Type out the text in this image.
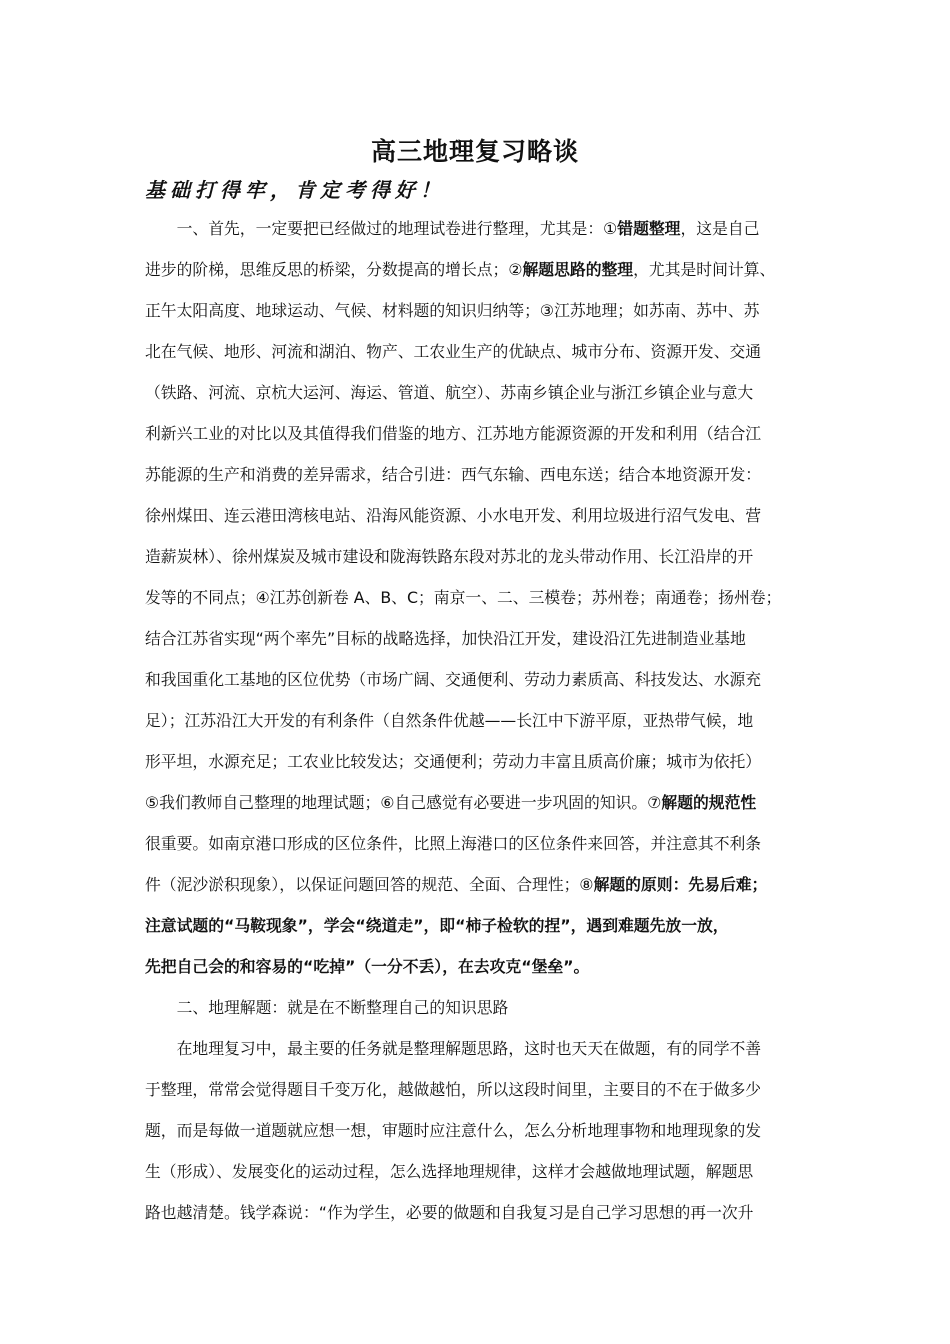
高三地理复习略谈
基础打得牢，肯定考得好！
一、首先，一定要把已经做过的地理试卷进行整理，尤其是：①错题整理，这是自己
进步的阶梯，思维反思的桥梁，分数提高的增长点；②解题思路的整理，尤其是时间计算、
正午太阳高度、地球运动、气候、材料题的知识归纳等；③江苏地理；如苏南、苏中、苏
北在气候、地形、河流和湖泊、物产、工农业生产的优缺点、城市分布、资源开发、交通
（铁路、河流、京杭大运河、海运、管道、航空）、苏南乡镇企业与浙江乡镇企业与意大
利新兴工业的对比以及其值得我们借鉴的地方、江苏地方能源资源的开发和利用（结合江
苏能源的生产和消费的差异需求，结合引进：西气东输、西电东送；结合本地资源开发：
徐州煤田、连云港田湾核电站、沿海风能资源、小水电开发、利用垃圾进行沼气发电、营
造薪炭林）、徐州煤炭及城市建设和陇海铁路东段对苏北的龙头带动作用、长江沿岸的开
发等的不同点；④江苏创新卷 A、B、C；南京一、二、三模卷；苏州卷；南通卷；扬州卷；
结合江苏省实现“两个率先”目标的战略选择，加快沿江开发，建设沿江先进制造业基地
和我国重化工基地的区位优势（市场广阔、交通便利、劳动力素质高、科技发达、水源充
足）；江苏沿江大开发的有利条件（自然条件优越——长江中下游平原，亚热带气候，地
形平坦，水源充足；工农业比较发达；交通便利；劳动力丰富且质高价廉；城市为依托）
⑤我们教师自己整理的地理试题；⑥自己感觉有必要进一步巩固的知识。⑦解题的规范性
很重要。如南京港口形成的区位条件，比照上海港口的区位条件来回答，并注意其不利条
件（泥沙淤积现象），以保证问题回答的规范、全面、合理性；⑧解题的原则：先易后难；
注意试题的“马鞍现象”，学会“绕道走”，即“柿子检软的捏”，遇到难题先放一放，
先把自己会的和容易的“吃掉”（一分不丢），在去攻克“堡垒”。
二、地理解题：就是在不断整理自己的知识思路
在地理复习中，最主要的任务就是整理解题思路，这时也天天在做题，有的同学不善
于整理，常常会觉得题目千变万化，越做越怕，所以这段时间里，主要目的不在于做多少
题，而是每做一道题就应想一想，审题时应注意什么，怎么分析地理事物和地理现象的发
生（形成）、发展变化的运动过程，怎么选择地理规律，这样才会越做地理试题，解题思
路也越清楚。钱学森说：“作为学生，必要的做题和自我复习是自己学习思想的再一次升
